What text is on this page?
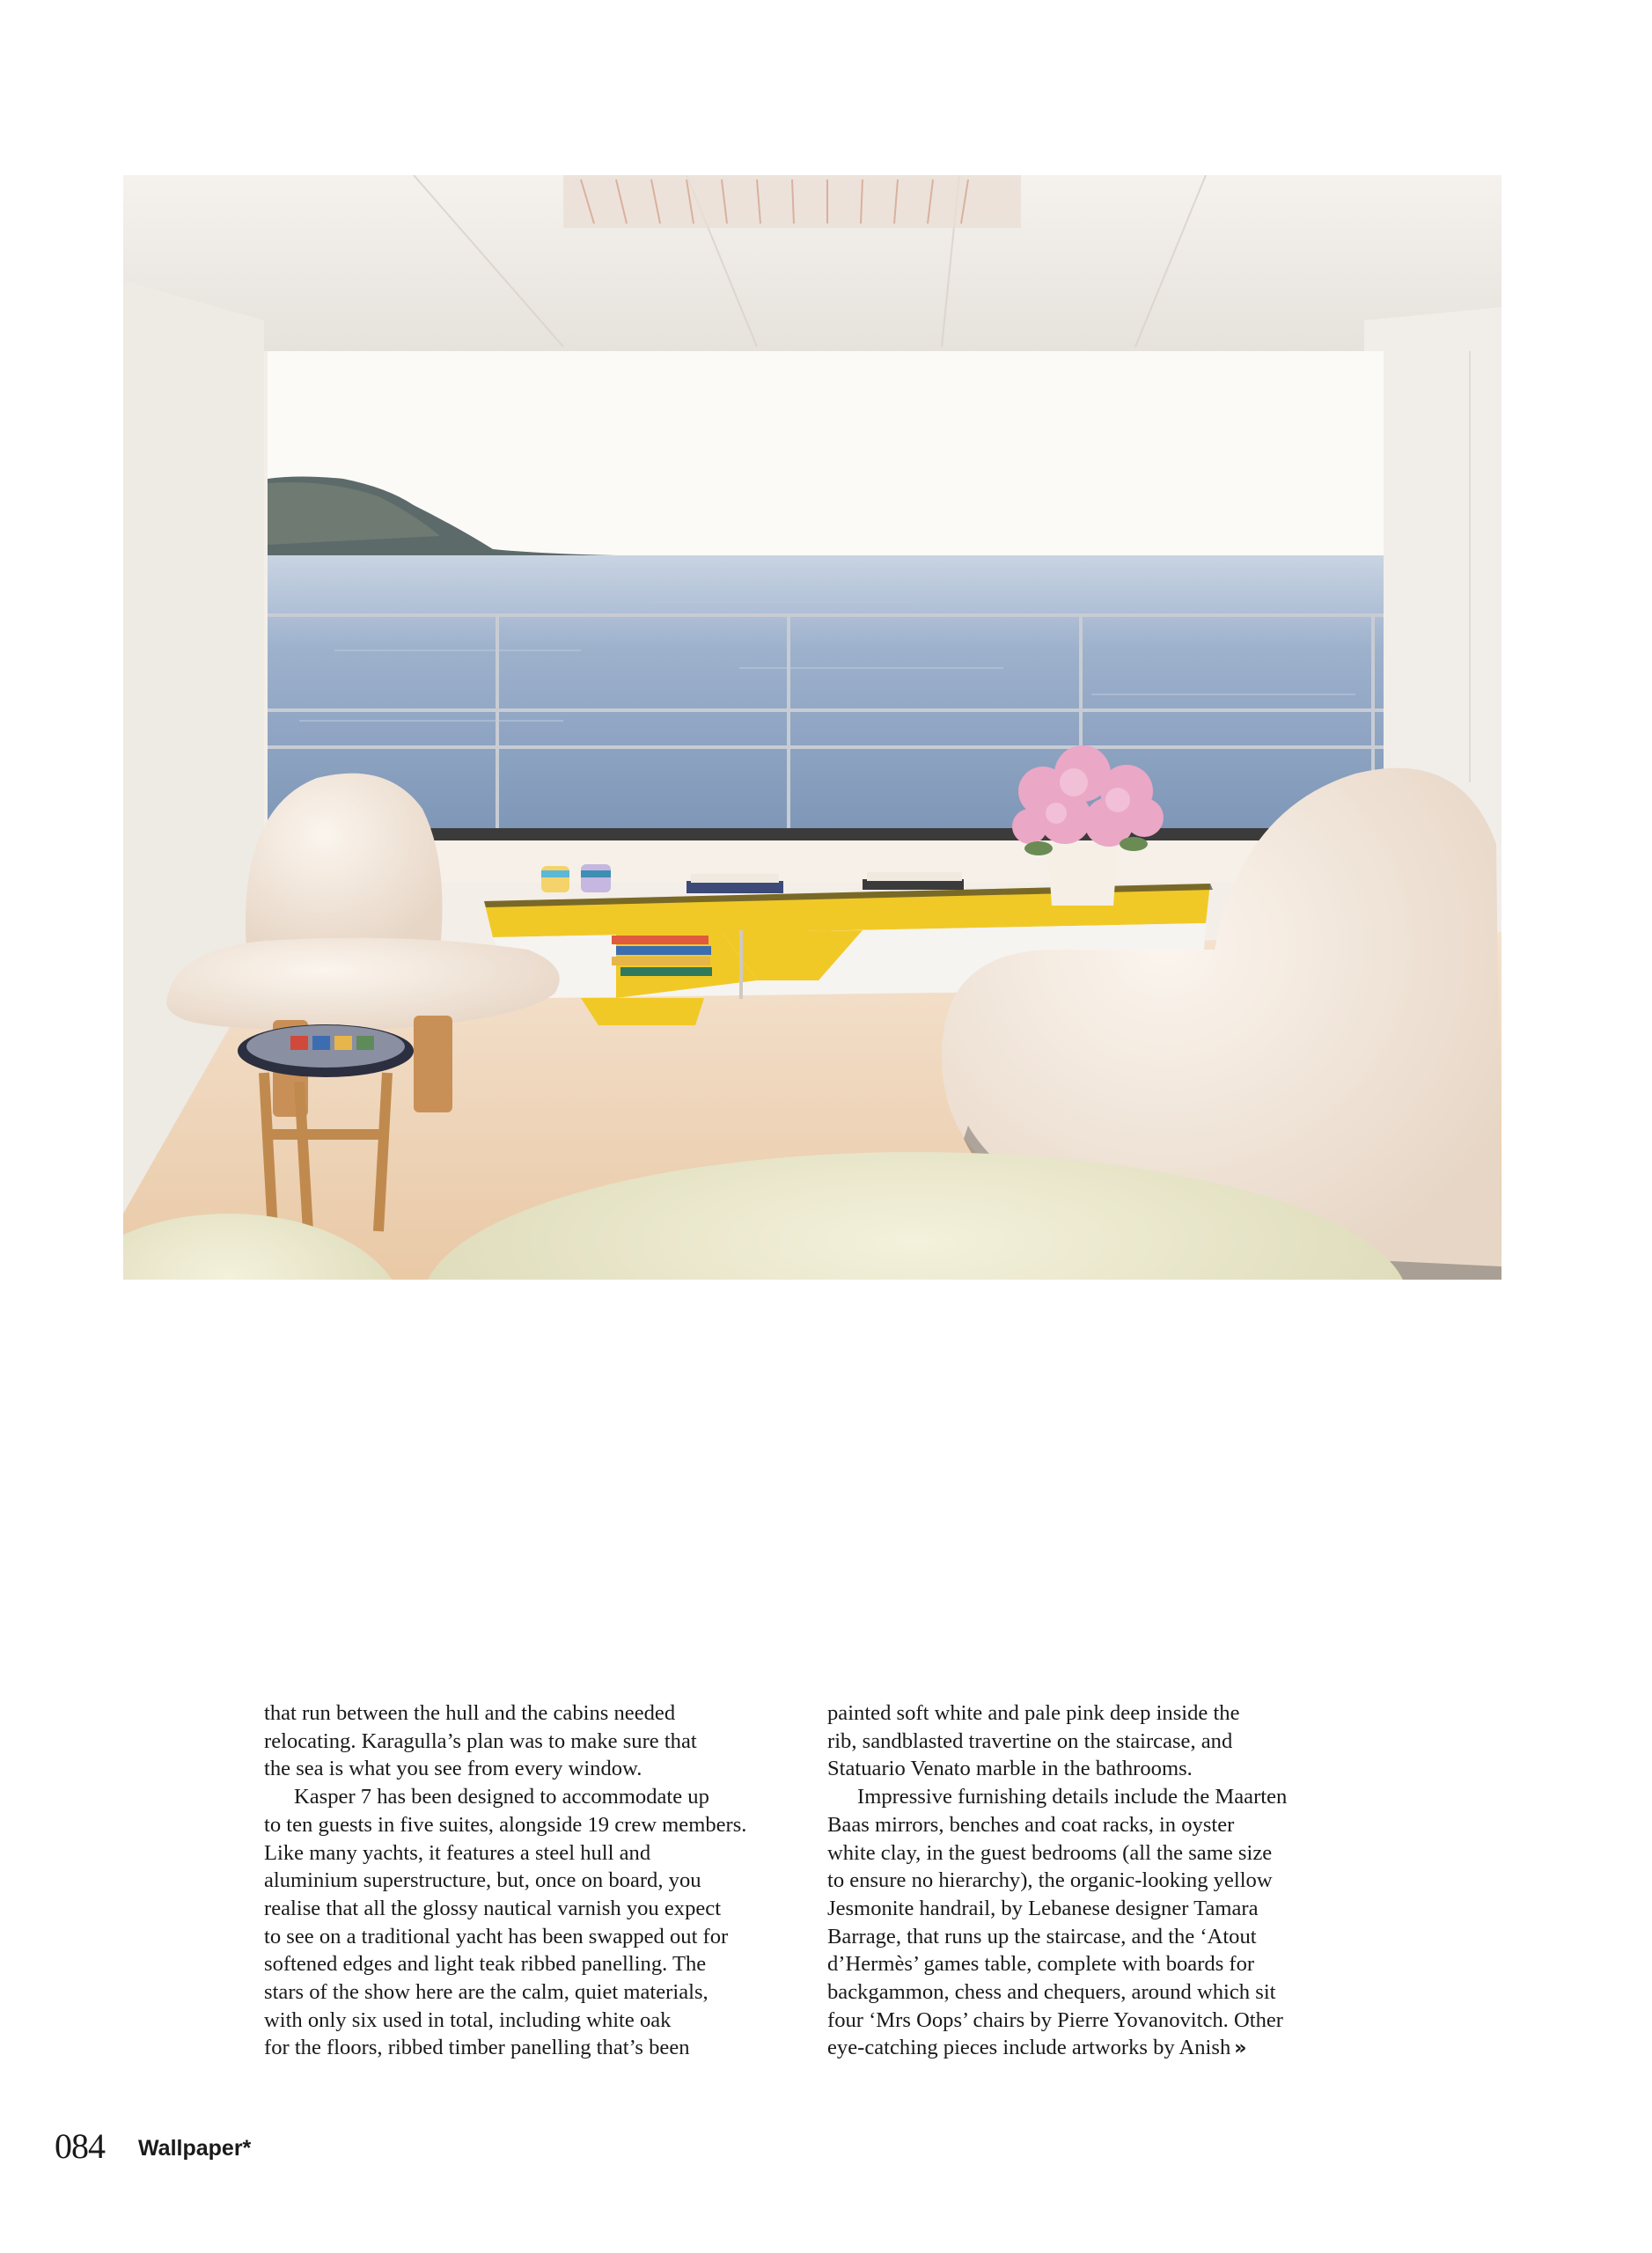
that run between the hull and the cabins needed

relocating. Karagulla’s plan was to make sure that

the sea is what you see from every window.

Kasper 7 has been designed to accommodate up

to ten guests in five suites, alongside 19 crew members.

Like many yachts, it features a steel hull and

aluminium superstructure, but, once on board, you

realise that all the glossy nautical varnish you expect

to see on a traditional yacht has been swapped out for

softened edges and light teak ribbed panelling. The

stars of the show here are the calm, quiet materials,

with only six used in total, including white oak

for the floors, ribbed timber panelling that’s been

painted soft white and pale pink deep inside the

rib, sandblasted travertine on the staircase, and

Statuario Venato marble in the bathrooms.

Impressive furnishing details include the Maarten

Baas mirrors, benches and coat racks, in oyster

white clay, in the guest bedrooms (all the same size

to ensure no hierarchy), the organic-looking yellow

Jesmonite handrail, by Lebanese designer Tamara

Barrage, that runs up the staircase, and the ‘Atout

d’Hermès’ games table, complete with boards for

backgammon, chess and chequers, around which sit

four ‘Mrs Oops’ chairs by Pierre Yovanovitch. Other

eye-catching pieces include artworks by Anish »

084 Wallpaper*
